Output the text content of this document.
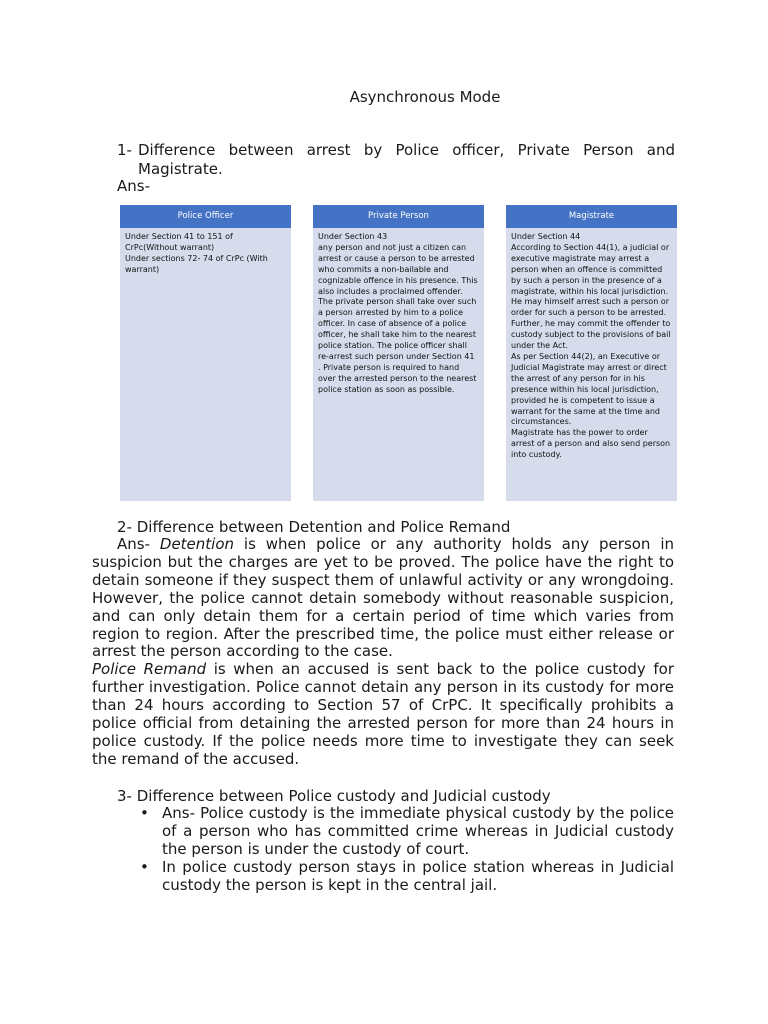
Asynchronous Mode
1- Difference between arrest by Police officer, Private Person and Magistrate.
Ans-
Police Officer
Under Section 41 to 151 of CrPc(Without warrant)
Under sections 72- 74 of CrPc (With warrant)
Private Person
Under Section 43
any person and not just a citizen can arrest or cause a person to be arrested who commits a non-bailable and cognizable offence in his presence. This also includes a proclaimed offender. The private person shall take over such a person arrested by him to a police officer. In case of absence of a police officer, he shall take him to the nearest police station. The police officer shall re-arrest such person under Section 41 . Private person is required to hand over the arrested person to the nearest police station as soon as possible.
Magistrate
Under Section 44
According to Section 44(1), a judicial or executive magistrate may arrest a person when an offence is committed by such a person in the presence of a magistrate, within his local jurisdiction. He may himself arrest such a person or order for such a person to be arrested. Further, he may commit the offender to custody subject to the provisions of bail under the Act.
As per Section 44(2), an Executive or Judicial Magistrate may arrest or direct the arrest of any person for in his presence within his local jurisdiction, provided he is competent to issue a warrant for the same at the time and circumstances.
Magistrate has the power to order arrest of a person and also send person into custody.
2- Difference between Detention and Police Remand
Ans- Detention is when police or any authority holds any person in suspicion but the charges are yet to be proved. The police have the right to detain someone if they suspect them of unlawful activity or any wrongdoing. However, the police cannot detain somebody without reasonable suspicion, and can only detain them for a certain period of time which varies from region to region. After the prescribed time, the police must either release or arrest the person according to the case.
Police Remand is when an accused is sent back to the police custody for further investigation. Police cannot detain any person in its custody for more than 24 hours according to Section 57 of CrPC. It specifically prohibits a police official from detaining the arrested person for more than 24 hours in police custody. If the police needs more time to investigate they can seek the remand of the accused.
3- Difference between Police custody and Judicial custody
• Ans- Police custody is the immediate physical custody by the police of a person who has committed crime whereas in Judicial custody the person is under the custody of court.
• In police custody person stays in police station whereas in Judicial custody the person is kept in the central jail.
